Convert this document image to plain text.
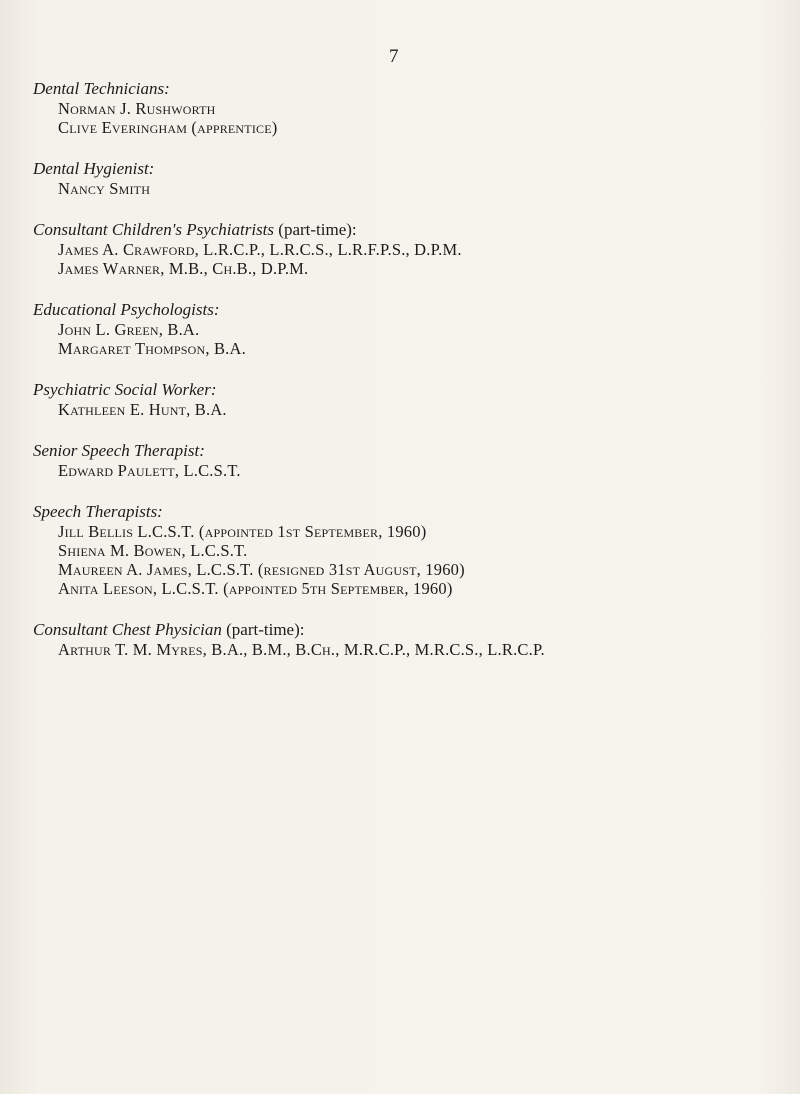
7
Dental Technicians:
Norman J. Rushworth
Clive Everingham (apprentice)
Dental Hygienist:
Nancy Smith
Consultant Children's Psychiatrists (part-time):
James A. Crawford, L.R.C.P., L.R.C.S., L.R.F.P.S., D.P.M.
James Warner, M.B., Ch.B., D.P.M.
Educational Psychologists:
John L. Green, B.A.
Margaret Thompson, B.A.
Psychiatric Social Worker:
Kathleen E. Hunt, B.A.
Senior Speech Therapist:
Edward Paulett, L.C.S.T.
Speech Therapists:
Jill Bellis L.C.S.T. (appointed 1st September, 1960)
Shiena M. Bowen, L.C.S.T.
Maureen A. James, L.C.S.T. (resigned 31st August, 1960)
Anita Leeson, L.C.S.T. (appointed 5th September, 1960)
Consultant Chest Physician (part-time):
Arthur T. M. Myres, B.A., B.M., B.Ch., M.R.C.P., M.R.C.S., L.R.C.P.
